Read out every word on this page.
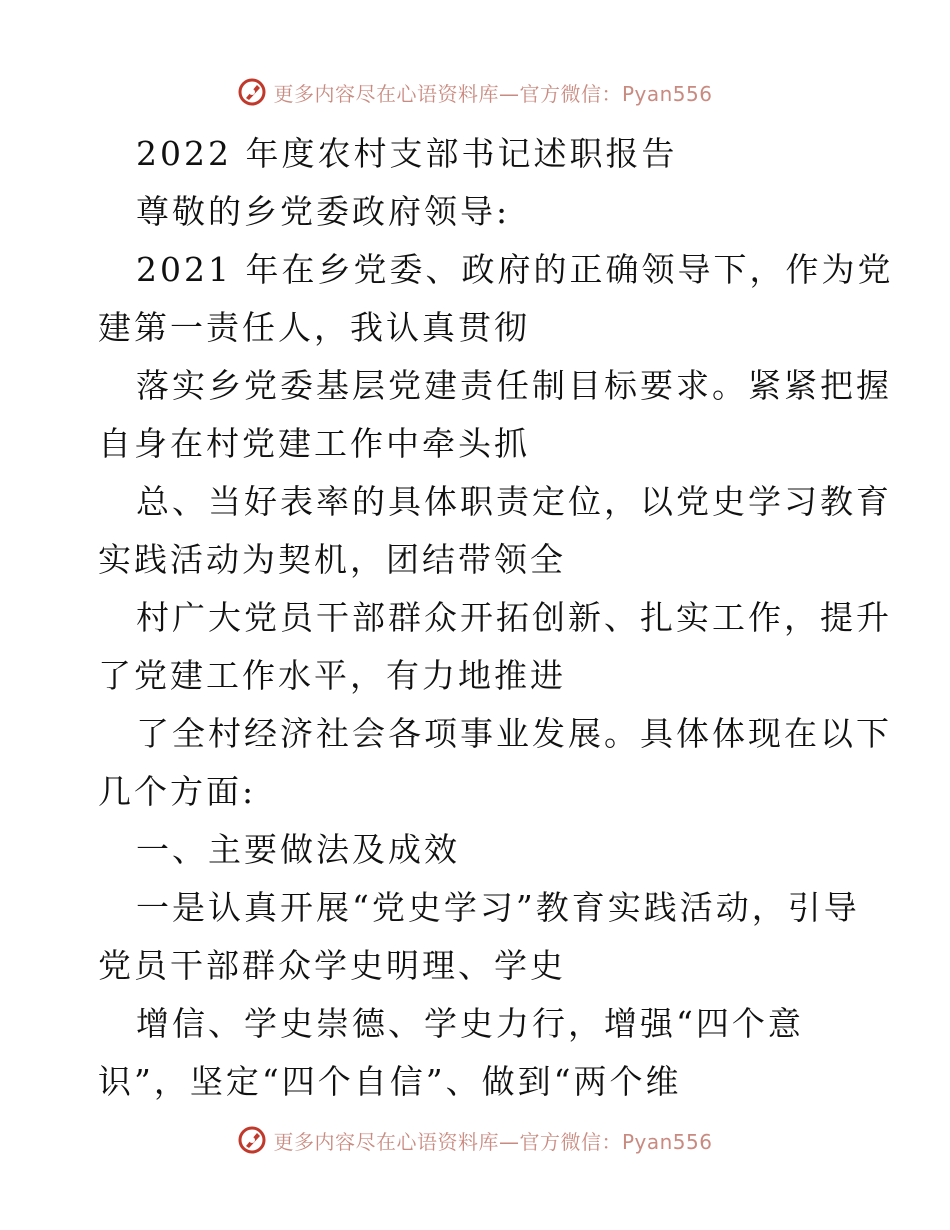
更多内容尽在心语资料库—官方微信：Pyan556
2022 年度农村支部书记述职报告
尊敬的乡党委政府领导:
2021 年在乡党委、政府的正确领导下，作为党
建第一责任人，我认真贯彻
落实乡党委基层党建责任制目标要求。紧紧把握
自身在村党建工作中牵头抓
总、当好表率的具体职责定位，以党史学习教育
实践活动为契机，团结带领全
村广大党员干部群众开拓创新、扎实工作，提升
了党建工作水平，有力地推进
了全村经济社会各项事业发展。具体体现在以下
几个方面:
一、主要做法及成效
一是认真开展“党史学习”教育实践活动，引导
党员干部群众学史明理、学史
增信、学史崇德、学史力行，增强“四个意
识”，坚定“四个自信”、做到“两个维
更多内容尽在心语资料库—官方微信：Pyan556
